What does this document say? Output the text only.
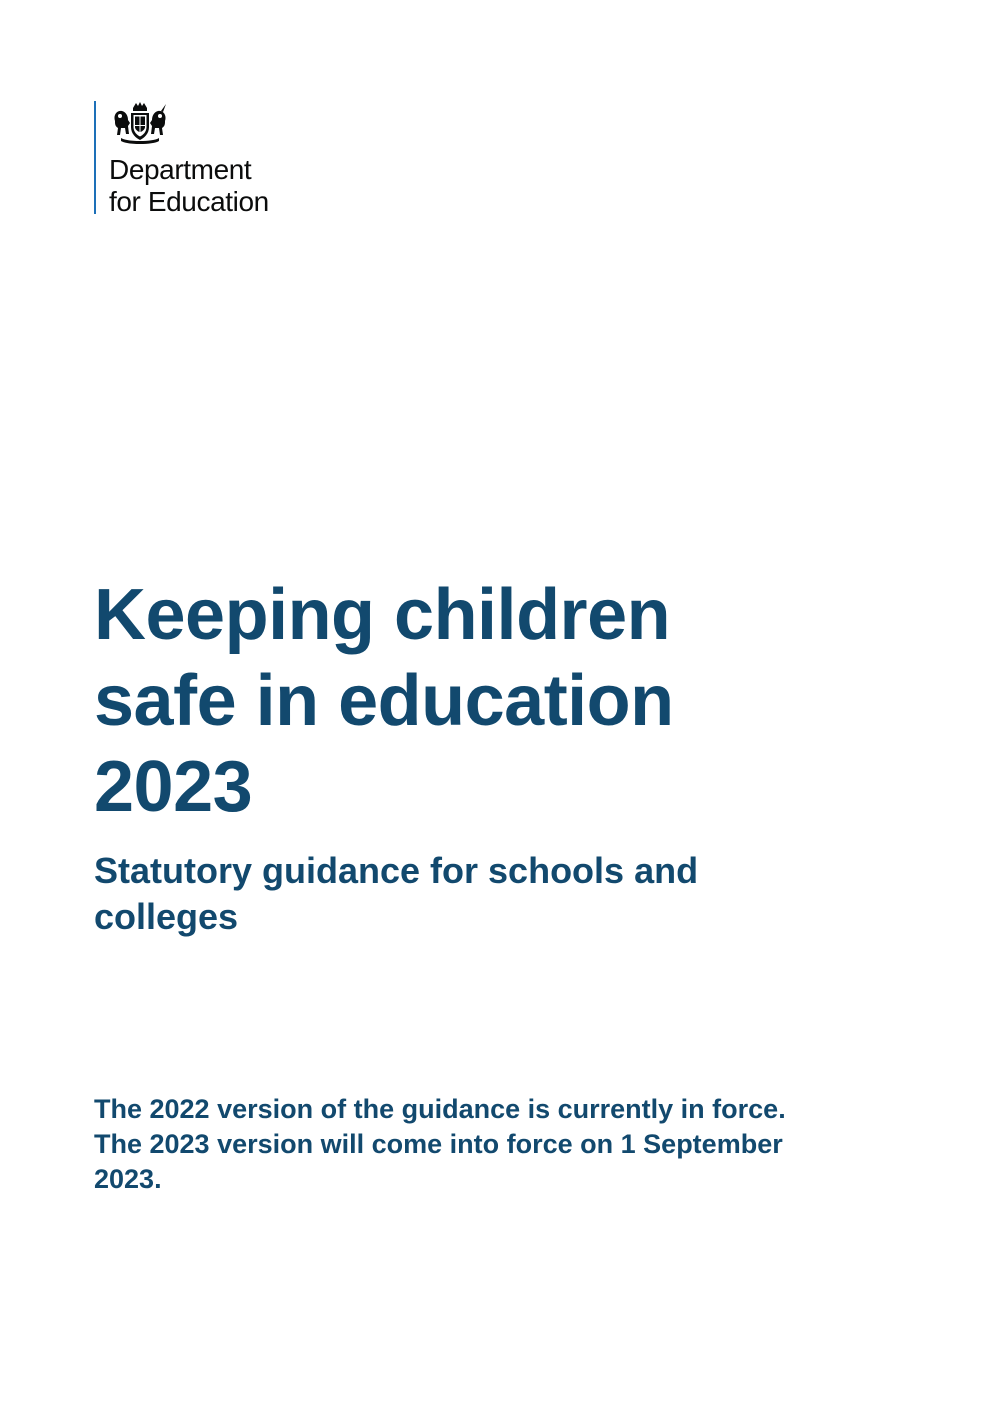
Department
for Education
Keeping children
safe in education
2023
Statutory guidance for schools and
colleges

The 2022 version of the guidance is currently in force.
The 2023 version will come into force on 1 September
2023.
